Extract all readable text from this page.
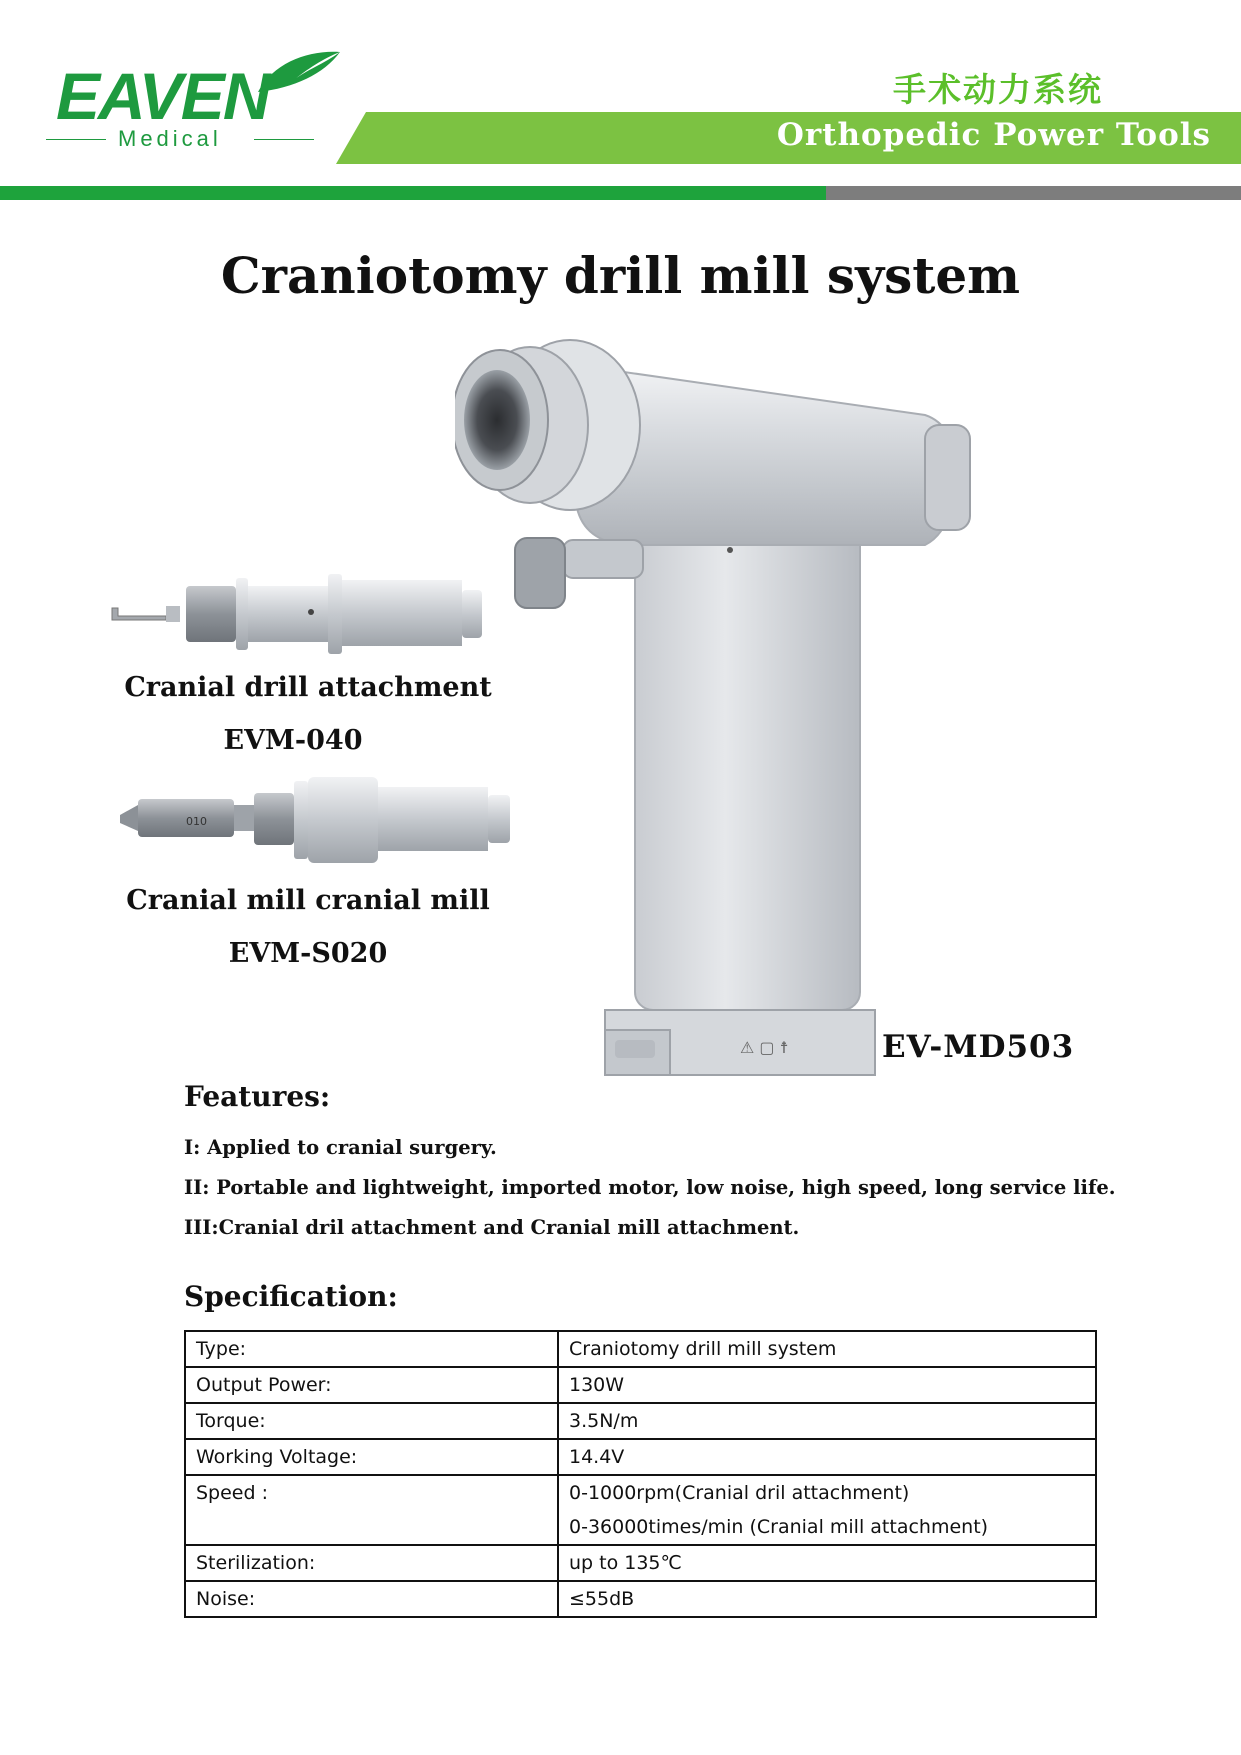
EAVEN
Medical
手术动力系统
Orthopedic Power Tools
Craniotomy drill mill system
⚠ ▢ ☨
Cranial drill attachment
EVM-040
010
Cranial mill cranial mill
EVM-S020
EV-MD503
Features:
I: Applied to cranial surgery.
II: Portable and lightweight, imported motor, low noise, high speed, long service life.
III:Cranial dril attachment and Cranial mill attachment.
Specification:
Type:	Craniotomy drill mill system
Output Power:	130W
Torque:	3.5N/m
Working Voltage:	14.4V
Speed :	0-1000rpm(Cranial dril attachment)
0-36000times/min (Cranial mill attachment)

Sterilization:	up to 135℃
Noise:	≤55dB
